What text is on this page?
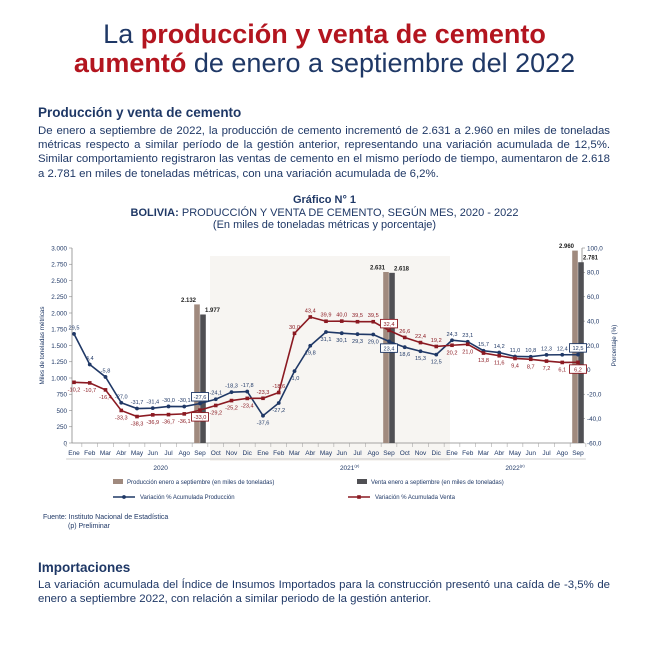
La producción y venta de cemento
aumentó de enero a septiembre del 2022
Producción y venta de cemento
De enero a septiembre de 2022, la producción de cemento incrementó de 2.631 a 2.960 en miles de toneladas métricas respecto a similar período de la gestión anterior, representando una variación acumulada de 12,5%. Similar comportamiento registraron las ventas de cemento en el mismo período de tiempo, aumentaron de 2.618 a 2.781 en miles de toneladas métricas, con una variación acumulada de 6,2%.
Gráfico N° 1
BOLIVIA: PRODUCCIÓN Y VENTA DE CEMENTO, SEGÚN MES, 2020 - 2022
(En miles de toneladas métricas y porcentaje)
0
250
500
750
1.000
1.250
1.500
1.750
2.000
2.250
2.500
2.750
3.000
-60,0
-40,0
-20,0
0
20,0
40,0
60,0
80,0
100,0
Miles de toneladas métricas	Porcentaje (%)
Ene Feb Mar Abr May Jun Jul Ago Sep Oct Nov Dic Ene Feb Mar Abr May Jun Jul Ago Sep Oct Nov Dic Ene Feb Mar Abr May Jun Jul Ago Sep
2020	2021$^{(p)}$	2022$^{(p)}$
2.132
2.631
2.960
1.977
2.618
2.781
29,5
4,4
-5,8
-27,0
-31,7 -31,4 -30,0 -30,1
-27,6
-24,1
-18,3 -17,8
-37,6
-27,2
-1,0
19,8
31,1 30,1 29,3 29,0
23,4
18,6
15,3
12,5
24,3 23,1
15,7 14,2
11,0 10,8 12,3 12,4 12,5
-10,2 -10,7
-16,4
-33,3
-38,3 -36,9 -36,7 -36,1
-33,0
-29,2
-25,2 -23,4
-23,3
-18,6
30,0
43,4
39,9 40,0 39,5 39,5
32,4
26,6
22,4
19,2
20,2 21,0
13,8 11,6 9,4 8,7 7,2 6,1 6,2
Producción enero a septiembre (en miles de toneladas)	Venta enero a septiembre (en miles de toneladas)
Variación % Acumulada Producción	Variación % Acumulada Venta
Fuente: Instituto Nacional de Estadística
(p) Preliminar
Importaciones
La variación acumulada del Índice de Insumos Importados para la construcción presentó una caída de -3,5% de enero a septiembre 2022, con relación a similar periodo de la gestión anterior.
